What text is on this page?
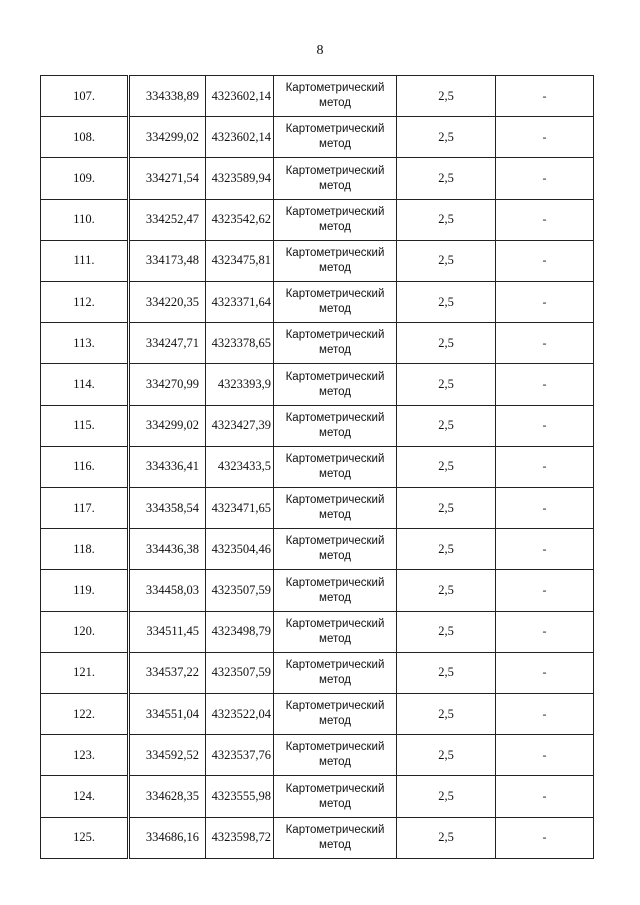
8
107.	334338,89	4323602,14	Картометрический
метод	2,5	-
108.	334299,02	4323602,14	Картометрический
метод	2,5	-
109.	334271,54	4323589,94	Картометрический
метод	2,5	-
110.	334252,47	4323542,62	Картометрический
метод	2,5	-
111.	334173,48	4323475,81	Картометрический
метод	2,5	-
112.	334220,35	4323371,64	Картометрический
метод	2,5	-
113.	334247,71	4323378,65	Картометрический
метод	2,5	-
114.	334270,99	4323393,9	Картометрический
метод	2,5	-
115.	334299,02	4323427,39	Картометрический
метод	2,5	-
116.	334336,41	4323433,5	Картометрический
метод	2,5	-
117.	334358,54	4323471,65	Картометрический
метод	2,5	-
118.	334436,38	4323504,46	Картометрический
метод	2,5	-
119.	334458,03	4323507,59	Картометрический
метод	2,5	-
120.	334511,45	4323498,79	Картометрический
метод	2,5	-
121.	334537,22	4323507,59	Картометрический
метод	2,5	-
122.	334551,04	4323522,04	Картометрический
метод	2,5	-
123.	334592,52	4323537,76	Картометрический
метод	2,5	-
124.	334628,35	4323555,98	Картометрический
метод	2,5	-
125.	334686,16	4323598,72	Картометрический
метод	2,5	-
